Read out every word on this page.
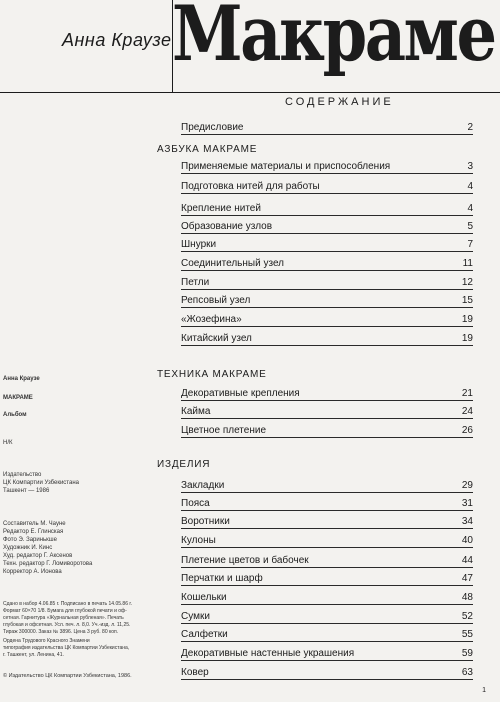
Анна Краузе Макраме
СОДЕРЖАНИЕ
Предисловие	2
АЗБУКА МАКРАМЕ
Применяемые материалы и приспособления	3
Подготовка нитей для работы	4
Крепление нитей	4
Образование узлов	5
Шнурки	7
Соединительный узел	11
Петли	12
Репсовый узел	15
«Жозефина»	19
Китайский узел	19
ТЕХНИКА МАКРАМЕ
Декоративные крепления	21
Кайма	24
Цветное плетение	26
ИЗДЕЛИЯ
Закладки	29
Пояса	31
Воротники	34
Кулоны	40
Плетение цветов и бабочек	44
Перчатки и шарф	47
Кошельки	48
Сумки	52
Салфетки	55
Декоративные настенные украшения	59
Ковер	63
Анна Краузе
МАКРАМЕ
Альбом
Н/К
Издательство
ЦК Компартии Узбекистана
Ташкент — 1986
Составитель М. Чауне
Редактор Е. Глинская
Фото Э. Заринькше
Художник И. Кинс
Худ. редактор Г. Аксенов
Техн. редактор Г. Ломиворотова
Корректор А. Ионова
Сдано в набор 4.06.85 г. Подписано в печать 14.05.86 г.
Формат 60×70 1/8. Бумага для глубокой печати и оф-
сетная. Гарнитура «Журнальная рубленая». Печать
глубокая и офсетная. Усл. печ. л. 8,0. Уч.-изд. л. 11,25.
Тираж 300000. Заказ № 3896. Цена 3 руб. 80 коп.
Ордена Трудового Красного Знамени
типография издательства ЦК Компартии Узбекистана,
г. Ташкент, ул. Ленина, 41.
© Издательство ЦК Компартии Узбекистана, 1986.
1
